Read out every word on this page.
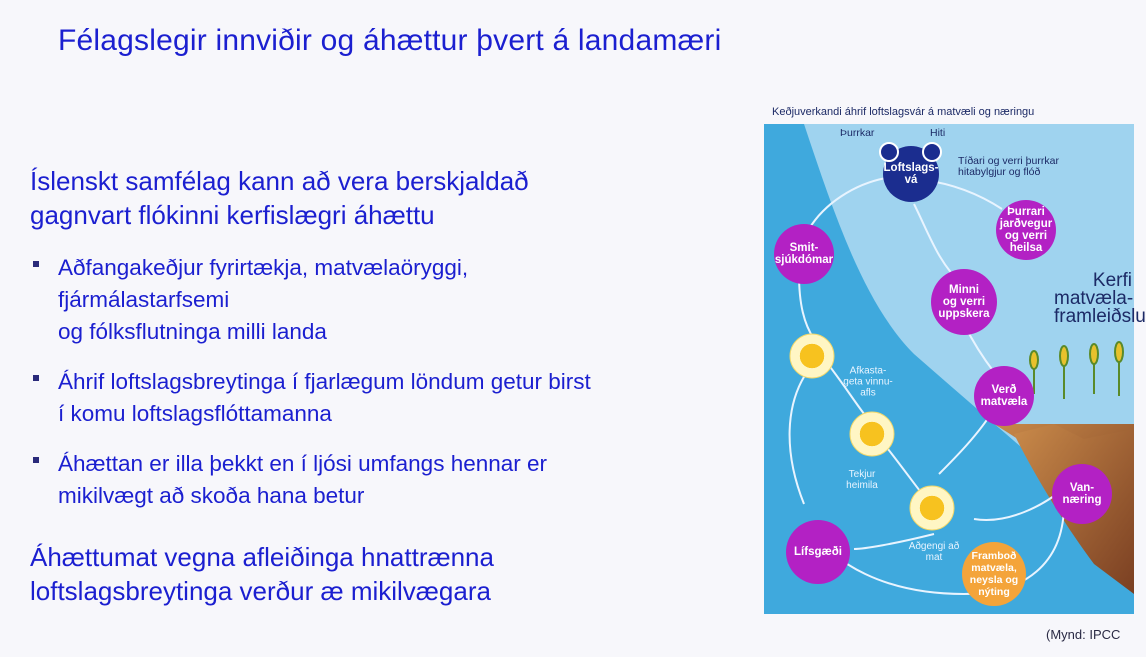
Félagslegir innviðir og áhættur þvert á landamæri
Íslenskt samfélag kann að vera berskjaldað
gagnvart flókinni kerfislægri áhættu
Aðfangakeðjur fyrirtækja, matvælaöryggi,
fjármálastarfsemi
og fólksflutninga milli landa
Áhrif loftslagsbreytinga í fjarlægum löndum getur birst
í komu loftslagsflóttamanna
Áhættan er illa þekkt en í ljósi umfangs hennar er
mikilvægt að skoða hana betur
Áhættumat vegna afleiðinga hnattrænna
loftslagsbreytinga verður æ mikilvægara
Keðjuverkandi áhrif loftslagsvár á matvæli og næringu
Þurrkar	Hiti
Tíðari og verri þurrkar
hitabylgjur og flóð
Kerfi
matvæla-
framleiðslu
Loftslags-
vá
Þurrari
jarðvegur
og verri
heilsa
Smit-
sjúkdómar
Minni
og verri
uppskera
Verð
matvæla
Van-
næring
Lífsgæði	Framboð
matvæla,
neysla og
nýting
Afkasta-
geta vinnu-
afls
Tekjur
heimila
Aðgengi að
mat
(Mynd: IPCC
